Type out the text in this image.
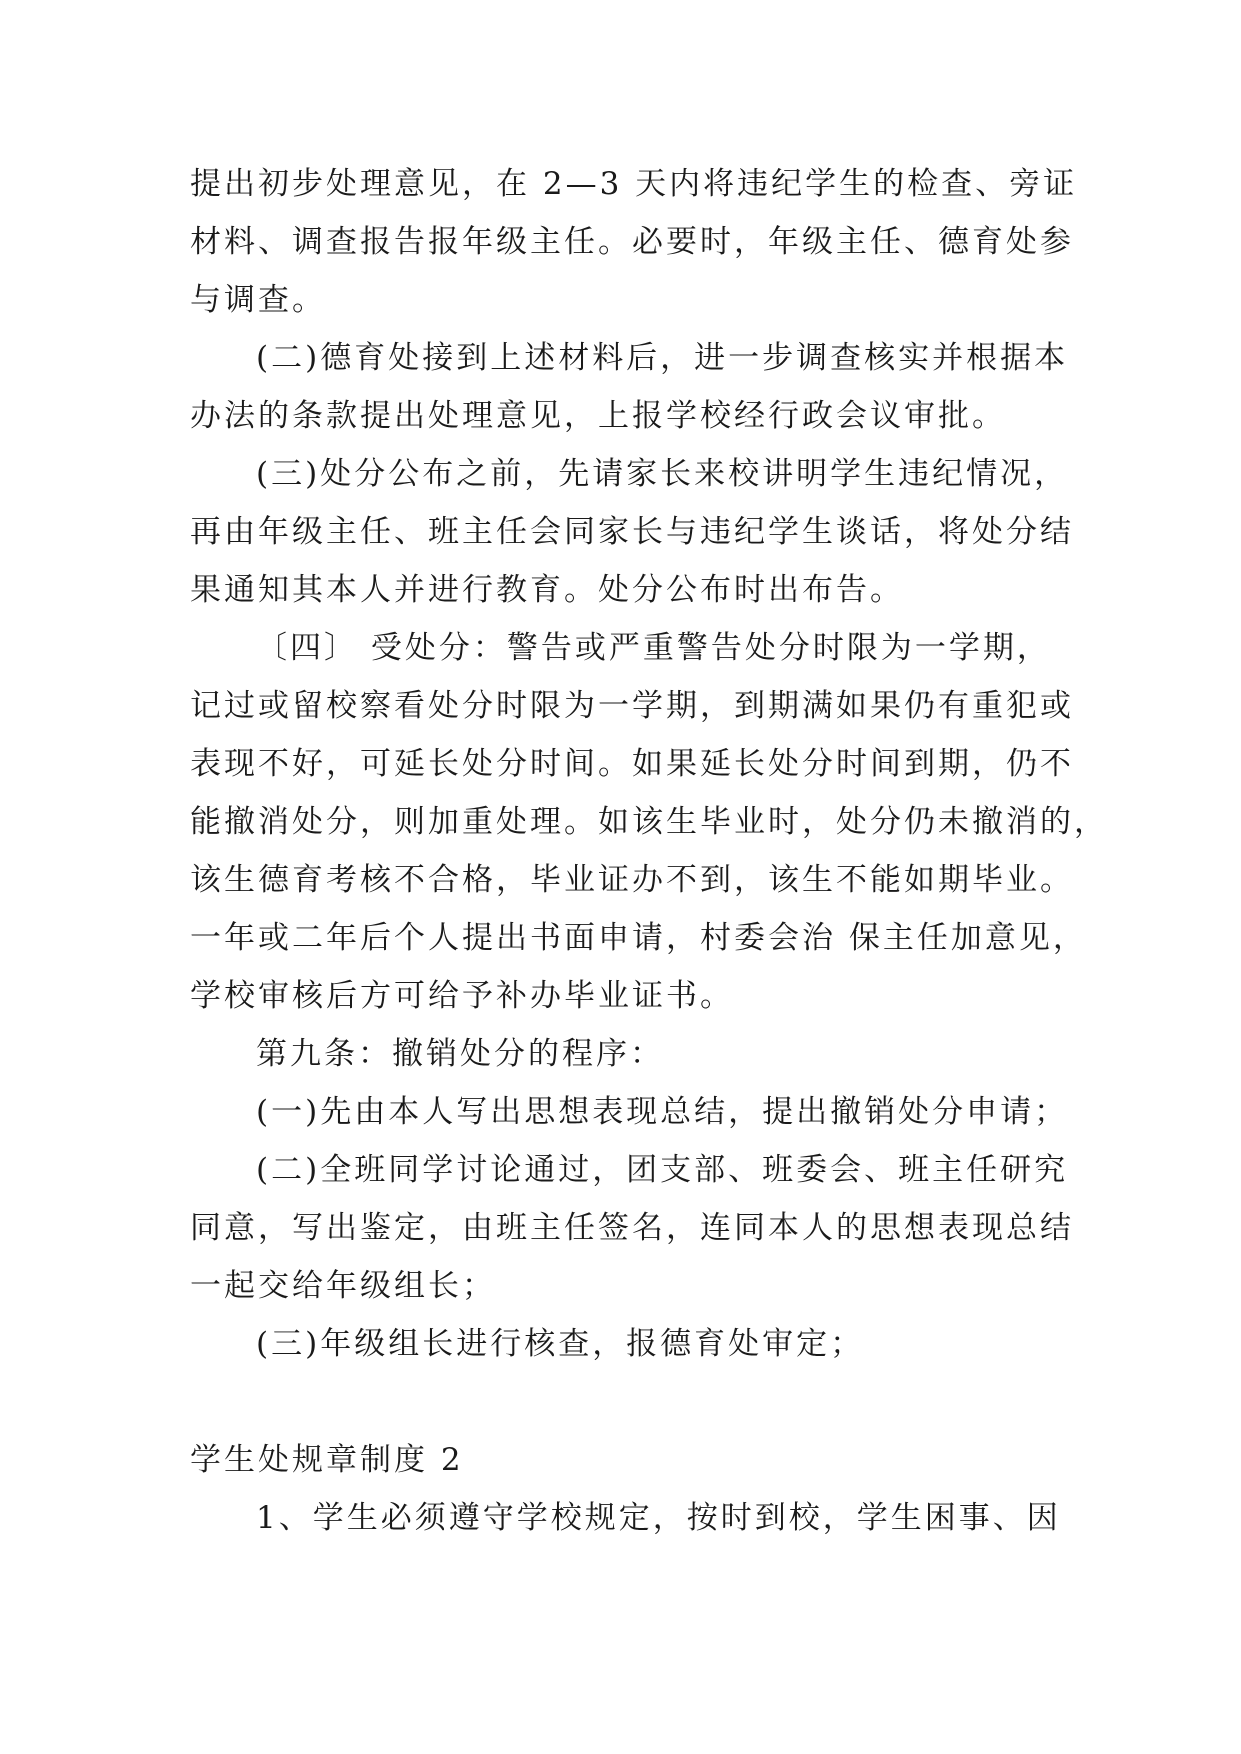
提出初步处理意见，在 2—3 天内将违纪学生的检查、旁证
材料、调查报告报年级主任。必要时，年级主任、德育处参
与调查。
(二)德育处接到上述材料后，进一步调查核实并根据本
办法的条款提出处理意见，上报学校经行政会议审批。
(三)处分公布之前，先请家长来校讲明学生违纪情况，
再由年级主任、班主任会同家长与违纪学生谈话，将处分结
果通知其本人并进行教育。处分公布时出布告。
〔四〕 受处分：警告或严重警告处分时限为一学期，
记过或留校察看处分时限为一学期，到期满如果仍有重犯或
表现不好，可延长处分时间。如果延长处分时间到期，仍不
能撤消处分，则加重处理。如该生毕业时，处分仍未撤消的，
该生德育考核不合格，毕业证办不到，该生不能如期毕业。
一年或二年后个人提出书面申请，村委会治 保主任加意见，
学校审核后方可给予补办毕业证书。
第九条：撤销处分的程序：
(一)先由本人写出思想表现总结，提出撤销处分申请；
(二)全班同学讨论通过，团支部、班委会、班主任研究
同意，写出鉴定，由班主任签名，连同本人的思想表现总结
一起交给年级组长；
(三)年级组长进行核查，报德育处审定；
学生处规章制度 2
1、学生必须遵守学校规定，按时到校，学生困事、因
